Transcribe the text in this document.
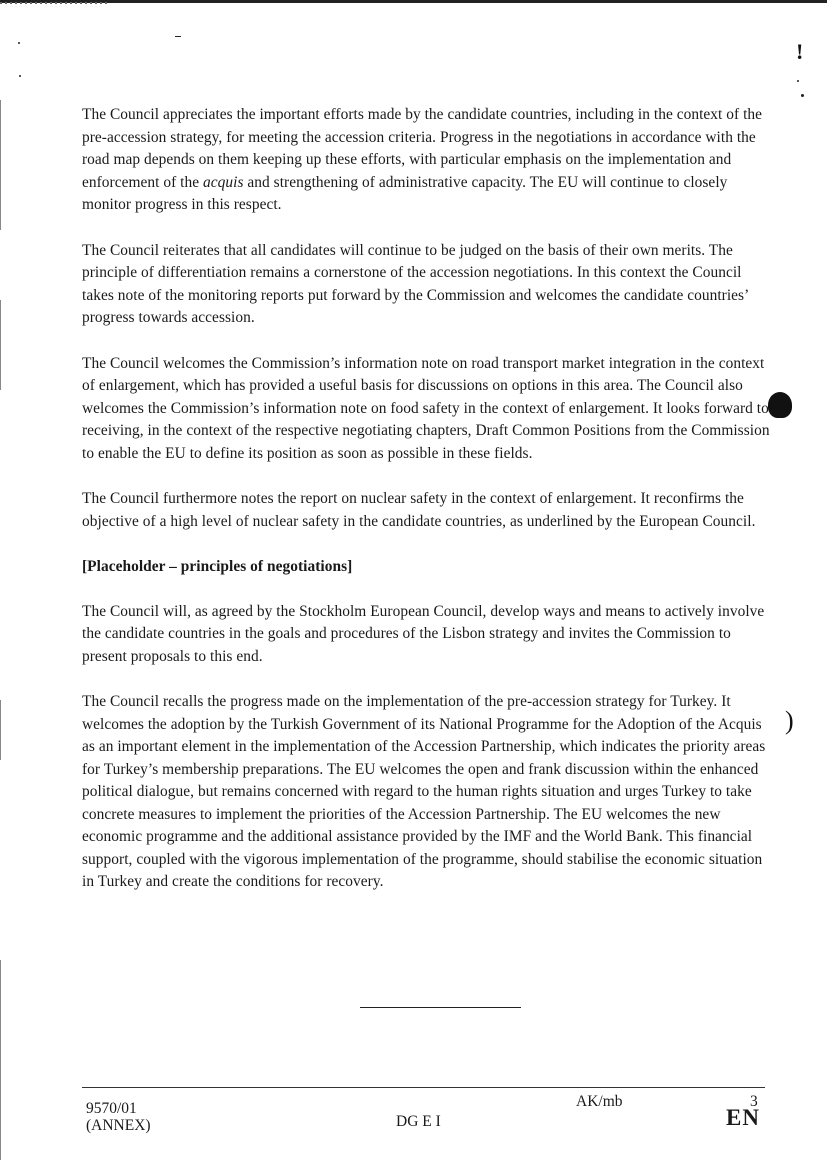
!
)

The Council appreciates the important efforts made by the candidate countries, including in the context of the pre-accession strategy, for meeting the accession criteria. Progress in the negotiations in accordance with the road map depends on them keeping up these efforts, with particular emphasis on the implementation and enforcement of the acquis and strengthening of administrative capacity. The EU will continue to closely monitor progress in this respect.

The Council reiterates that all candidates will continue to be judged on the basis of their own merits. The principle of differentiation remains a cornerstone of the accession negotiations. In this context the Council takes note of the monitoring reports put forward by the Commission and welcomes the candidate countries’ progress towards accession.

The Council welcomes the Commission’s information note on road transport market integration in the context of enlargement, which has provided a useful basis for discussions on options in this area. The Council also welcomes the Commission’s information note on food safety in the context of enlargement. It looks forward to receiving, in the context of the respective negotiating chapters, Draft Common Positions from the Commission to enable the EU to define its position as soon as possible in these fields.

The Council furthermore notes the report on nuclear safety in the context of enlargement. It reconfirms the objective of a high level of nuclear safety in the candidate countries, as underlined by the European Council.

[Placeholder – principles of negotiations]

The Council will, as agreed by the Stockholm European Council, develop ways and means to actively involve the candidate countries in the goals and procedures of the Lisbon strategy and invites the Commission to present proposals to this end.

The Council recalls the progress made on the implementation of the pre-accession strategy for Turkey. It welcomes the adoption by the Turkish Government of its National Programme for the Adoption of the Acquis as an important element in the implementation of the Accession Partnership, which indicates the priority areas for Turkey’s membership preparations. The EU welcomes the open and frank discussion within the enhanced political dialogue, but remains concerned with regard to the human rights situation and urges Turkey to take concrete measures to implement the priorities of the Accession Partnership. The EU welcomes the new economic programme and the additional assistance provided by the IMF and the World Bank. This financial support, coupled with the vigorous implementation of the programme, should stabilise the economic situation in Turkey and create the conditions for recovery.

9570/01
(ANNEX)
AK/mb
DG E I
3
EN
